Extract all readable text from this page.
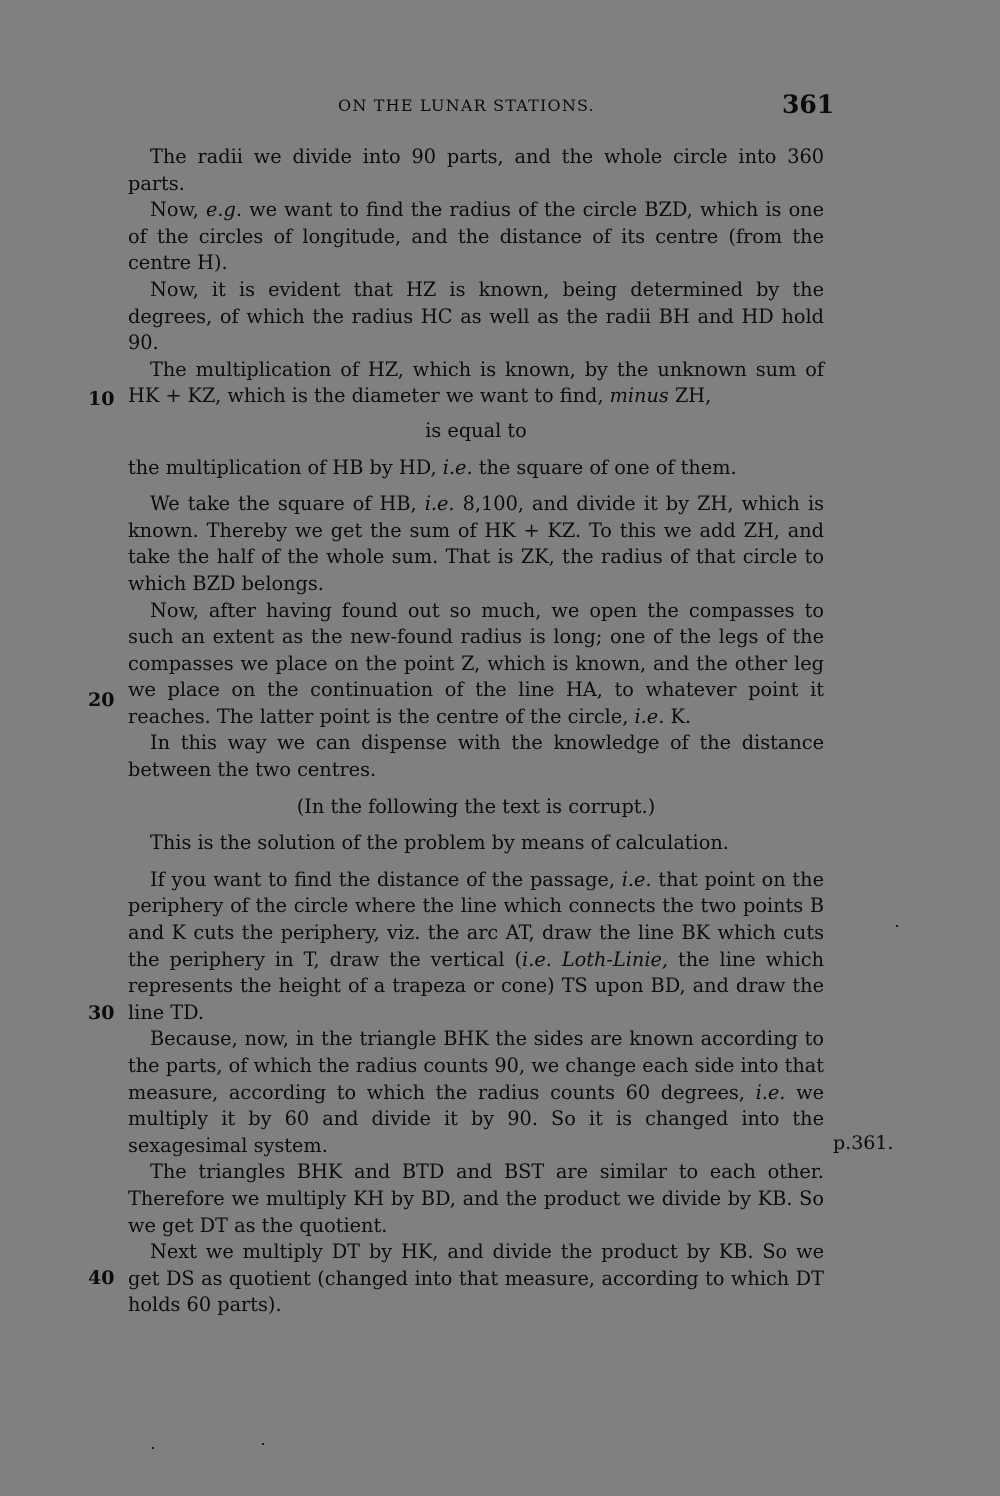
ON THE LUNAR STATIONS.	361
10
20
30
40
p.361.

The radii we divide into 90 parts, and the whole circle into 360 parts.

Now, e.g. we want to find the radius of the circle BZD, which is one of the circles of longitude, and the distance of its centre (from the centre H).

Now, it is evident that HZ is known, being determined by the degrees, of which the radius HC as well as the radii BH and HD hold 90.

The multiplication of HZ, which is known, by the unknown sum of HK + KZ, which is the diameter we want to find, minus ZH,

is equal to

the multiplication of HB by HD, i.e. the square of one of them.

We take the square of HB, i.e. 8,100, and divide it by ZH, which is known. Thereby we get the sum of HK + KZ. To this we add ZH, and take the half of the whole sum. That is ZK, the radius of that circle to which BZD belongs.

Now, after having found out so much, we open the compasses to such an extent as the new-found radius is long; one of the legs of the compasses we place on the point Z, which is known, and the other leg we place on the continuation of the line HA, to whatever point it reaches. The latter point is the centre of the circle, i.e. K.

In this way we can dispense with the knowledge of the distance between the two centres.

(In the following the text is corrupt.)

This is the solution of the problem by means of calculation.

If you want to find the distance of the passage, i.e. that point on the periphery of the circle where the line which connects the two points B and K cuts the periphery, viz. the arc AT, draw the line BK which cuts the periphery in T, draw the vertical (i.e. Loth-Linie, the line which represents the height of a trapeza or cone) TS upon BD, and draw the line TD.

Because, now, in the triangle BHK the sides are known according to the parts, of which the radius counts 90, we change each side into that measure, according to which the radius counts 60 degrees, i.e. we multiply it by 60 and divide it by 90. So it is changed into the sexagesimal system.

The triangles BHK and BTD and BST are similar to each other. Therefore we multiply KH by BD, and the product we divide by KB. So we get DT as the quotient.

Next we multiply DT by HK, and divide the product by KB. So we get DS as quotient (changed into that measure, according to which DT holds 60 parts).
